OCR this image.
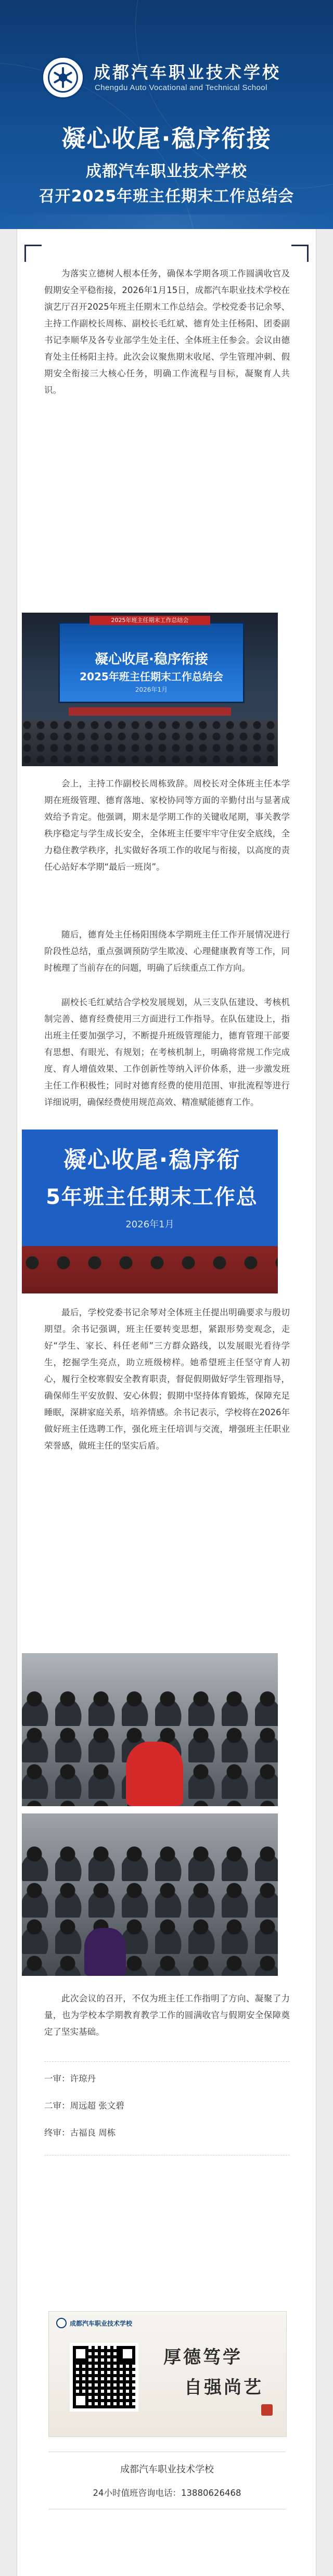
成都汽车职业技术学校
Chengdu Auto Vocational and Technical School
凝心收尾·稳序衔接
成都汽车职业技术学校
召开2025年班主任期末工作总结会

为落实立德树人根本任务，确保本学期各项工作圆满收官及假期安全平稳衔接，2026年1月15日，成都汽车职业技术学校在演艺厅召开2025年班主任期末工作总结会。学校党委书记余琴、主持工作副校长周栋、副校长毛红斌、德育处主任杨阳、团委副书记李顺华及各专业部学生处主任、全体班主任参会。会议由德育处主任杨阳主持。此次会议聚焦期末收尾、学生管理冲刺、假期安全衔接三大核心任务，明确工作流程与目标，凝聚育人共识。

会上，主持工作副校长周栋致辞。周校长对全体班主任本学期在班级管理、德育落地、家校协同等方面的辛勤付出与显著成效给予肯定。他强调，期末是学期工作的关键收尾期，事关教学秩序稳定与学生成长安全，全体班主任要牢牢守住安全底线，全力稳住教学秩序，扎实做好各项工作的收尾与衔接，以高度的责任心站好本学期“最后一班岗”。

随后，德育处主任杨阳围绕本学期班主任工作开展情况进行阶段性总结，重点强调预防学生欺凌、心理健康教育等工作，同时梳理了当前存在的问题，明确了后续重点工作方向。

副校长毛红斌结合学校发展规划，从三支队伍建设、考核机制完善、德育经费使用三方面进行工作指导。在队伍建设上，指出班主任要加强学习，不断提升班级管理能力，德育管理干部要有思想、有眼光、有规划；在考核机制上，明确将常规工作完成度、育人增值效果、工作创新性等纳入评价体系，进一步激发班主任工作积极性；同时对德育经费的使用范围、审批流程等进行详细说明，确保经费使用规范高效、精准赋能德育工作。

最后，学校党委书记余琴对全体班主任提出明确要求与殷切期望。余书记强调，班主任要转变思想，紧跟形势变观念，走好“学生、家长、科任老师”三方群众路线，以发展眼光看待学生，挖掘学生亮点，助立班级榜样。她希望班主任坚守育人初心，履行全校寒假安全教育职责，督促假期做好学生管理指导，确保师生平安放假、安心休假；假期中坚持体育锻炼，保障充足睡眠，深耕家庭关系，培养情感。余书记表示，学校将在2026年做好班主任选聘工作，强化班主任培训与交流，增强班主任职业荣誉感，做班主任的坚实后盾。

此次会议的召开，不仅为班主任工作指明了方向、凝聚了力量，也为学校本学期教育教学工作的圆满收官与假期安全保障奠定了坚实基础。

一审：许琼丹
二审：周远超 张文碧
终审：古福良 周栋
凝心收尾·稳序衔接
2025年班主任期末工作总结会
2026年1月
2025年班主任期末工作总结会
凝心收尾·稳序衔
5年班主任期末工作总
2026年1月
成都汽车职业技术学校
厚德笃学
自强尚艺
成都汽车职业技术学校
24小时值班咨询电话：13880626468
